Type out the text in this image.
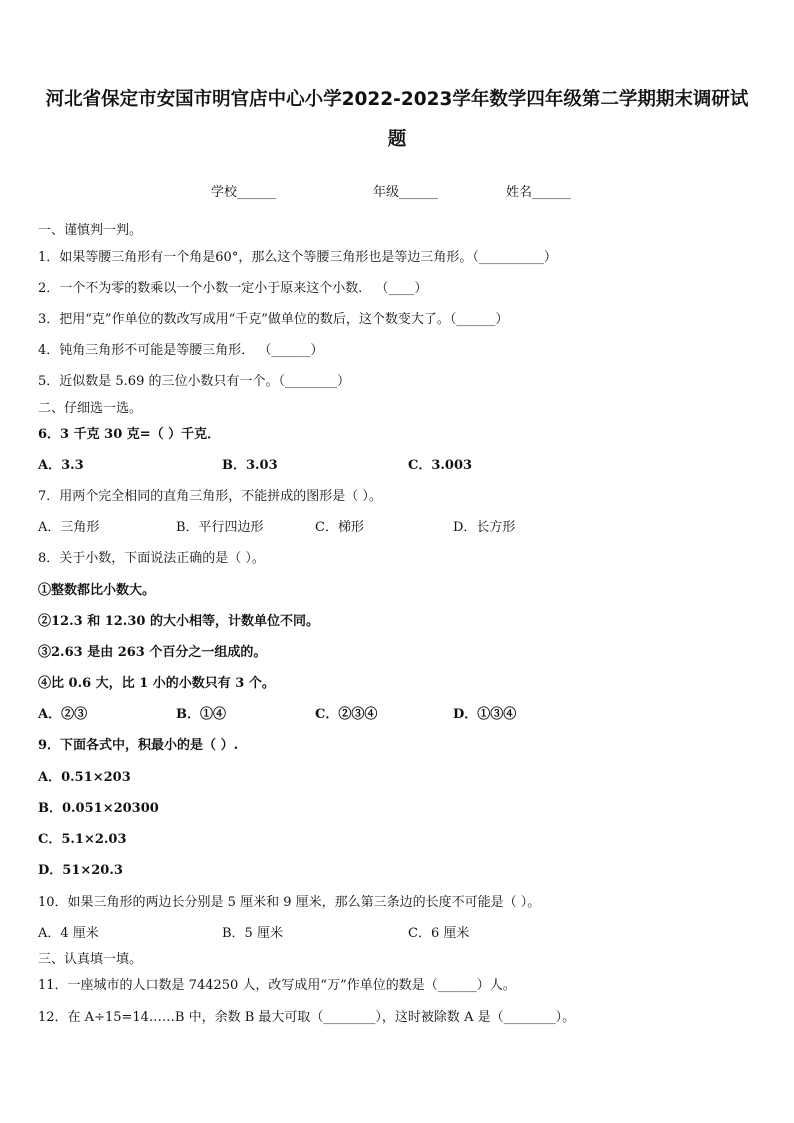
河北省保定市安国市明官店中心小学2022-2023学年数学四年级第二学期期末调研试
题
学校______	年级______	姓名______
一、谨慎判一判。
1．如果等腰三角形有一个角是60°，那么这个等腰三角形也是等边三角形。（__________）
2．一个不为零的数乘以一个小数一定小于原来这个小数． （____）
3．把用“克”作单位的数改写成用“千克”做单位的数后，这个数变大了。（______）
4．钝角三角形不可能是等腰三角形． （______）
5．近似数是 5.69 的三位小数只有一个。（________）
二、仔细选一选。
6．3 千克 30 克=（ ）千克．
A．3.3	B．3.03	C．3.003
7．用两个完全相同的直角三角形，不能拼成的图形是（ ）。
A．三角形	B．平行四边形	C．梯形	D．长方形
8．关于小数，下面说法正确的是（ ）。
①整数都比小数大。
②12.3 和 12.30 的大小相等，计数单位不同。
③2.63 是由 263 个百分之一组成的。
④比 0.6 大，比 1 小的小数只有 3 个。
A．②③	B．①④	C．②③④	D．①③④
9．下面各式中，积最小的是（ ）.
A．0.51×203
B．0.051×20300
C．5.1×2.03
D．51×20.3
10．如果三角形的两边长分别是 5 厘米和 9 厘米，那么第三条边的长度不可能是（ ）。
A．4 厘米	B．5 厘米	C．6 厘米
三、认真填一填。
11．一座城市的人口数是 744250 人，改写成用“万”作单位的数是（______）人。
12．在 A÷15=14……B 中，余数 B 最大可取（________），这时被除数 A 是（________）。
